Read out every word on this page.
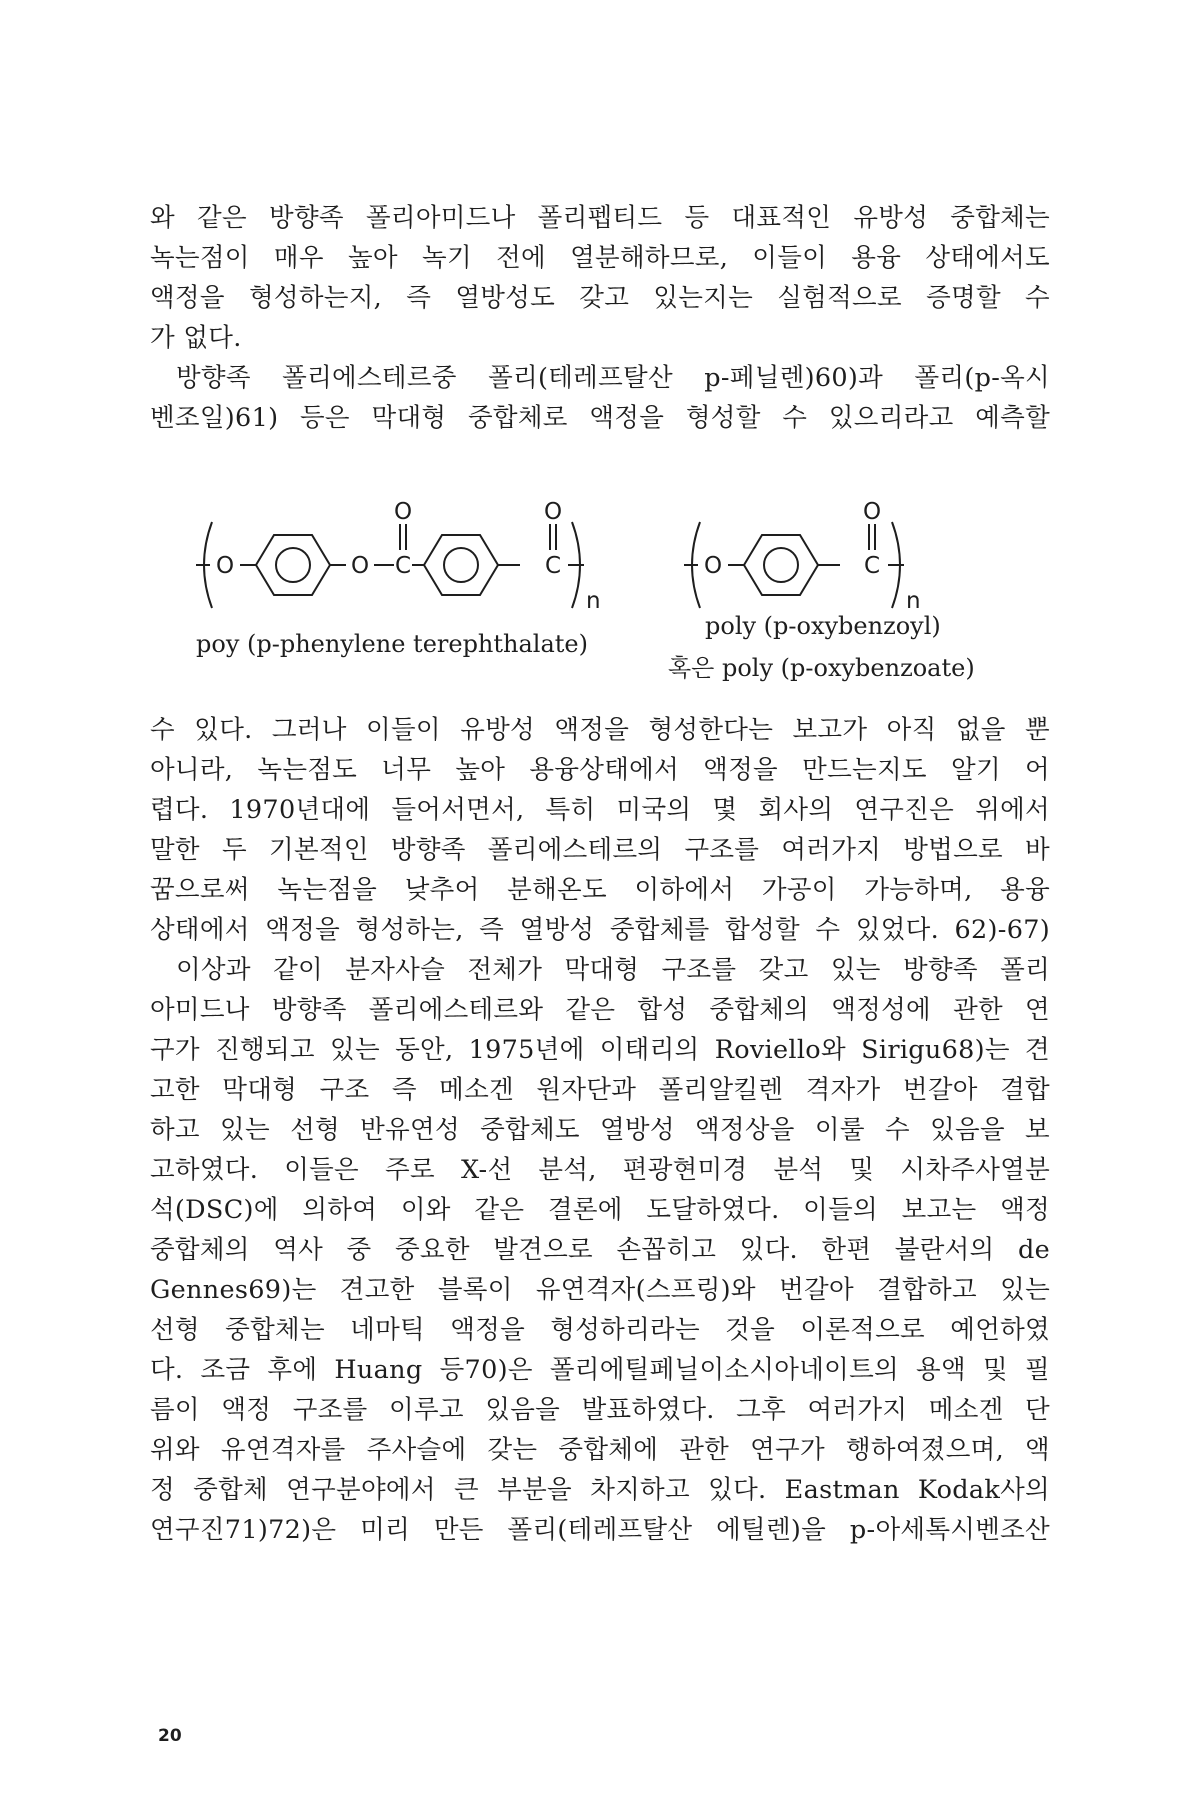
와 같은 방향족 폴리아미드나 폴리펩티드 등 대표적인 유방성 중합체는
녹는점이 매우 높아 녹기 전에 열분해하므로, 이들이 용융 상태에서도
액정을 형성하는지, 즉 열방성도 갖고 있는지는 실험적으로 증명할 수
가 없다.
방향족 폴리에스테르중 폴리(테레프탈산 p-페닐렌)60)과 폴리(p-옥시
벤조일)61) 등은 막대형 중합체로 액정을 형성할 수 있으리라고 예측할
O	O C
O
C
O
n
O	C
O
n
poy (p-phenylene terephthalate)
poly (p-oxybenzoyl)
혹은 poly (p-oxybenzoate)
수 있다. 그러나 이들이 유방성 액정을 형성한다는 보고가 아직 없을 뿐
아니라, 녹는점도 너무 높아 용융상태에서 액정을 만드는지도 알기 어
렵다. 1970년대에 들어서면서, 특히 미국의 몇 회사의 연구진은 위에서
말한 두 기본적인 방향족 폴리에스테르의 구조를 여러가지 방법으로 바
꿈으로써 녹는점을 낮추어 분해온도 이하에서 가공이 가능하며, 용융
상태에서 액정을 형성하는, 즉 열방성 중합체를 합성할 수 있었다. 62)-67)
이상과 같이 분자사슬 전체가 막대형 구조를 갖고 있는 방향족 폴리
아미드나 방향족 폴리에스테르와 같은 합성 중합체의 액정성에 관한 연
구가 진행되고 있는 동안, 1975년에 이태리의 Roviello와 Sirigu68)는 견
고한 막대형 구조 즉 메소겐 원자단과 폴리알킬렌 격자가 번갈아 결합
하고 있는 선형 반유연성 중합체도 열방성 액정상을 이룰 수 있음을 보
고하였다. 이들은 주로 X-선 분석, 편광현미경 분석 및 시차주사열분
석(DSC)에 의하여 이와 같은 결론에 도달하였다. 이들의 보고는 액정
중합체의 역사 중 중요한 발견으로 손꼽히고 있다. 한편 불란서의 de
Gennes69)는 견고한 블록이 유연격자(스프링)와 번갈아 결합하고 있는
선형 중합체는 네마틱 액정을 형성하리라는 것을 이론적으로 예언하였
다. 조금 후에 Huang 등70)은 폴리에틸페닐이소시아네이트의 용액 및 필
름이 액정 구조를 이루고 있음을 발표하였다. 그후 여러가지 메소겐 단
위와 유연격자를 주사슬에 갖는 중합체에 관한 연구가 행하여졌으며, 액
정 중합체 연구분야에서 큰 부분을 차지하고 있다. Eastman Kodak사의
연구진71)72)은 미리 만든 폴리(테레프탈산 에틸렌)을 p-아세톡시벤조산
20
